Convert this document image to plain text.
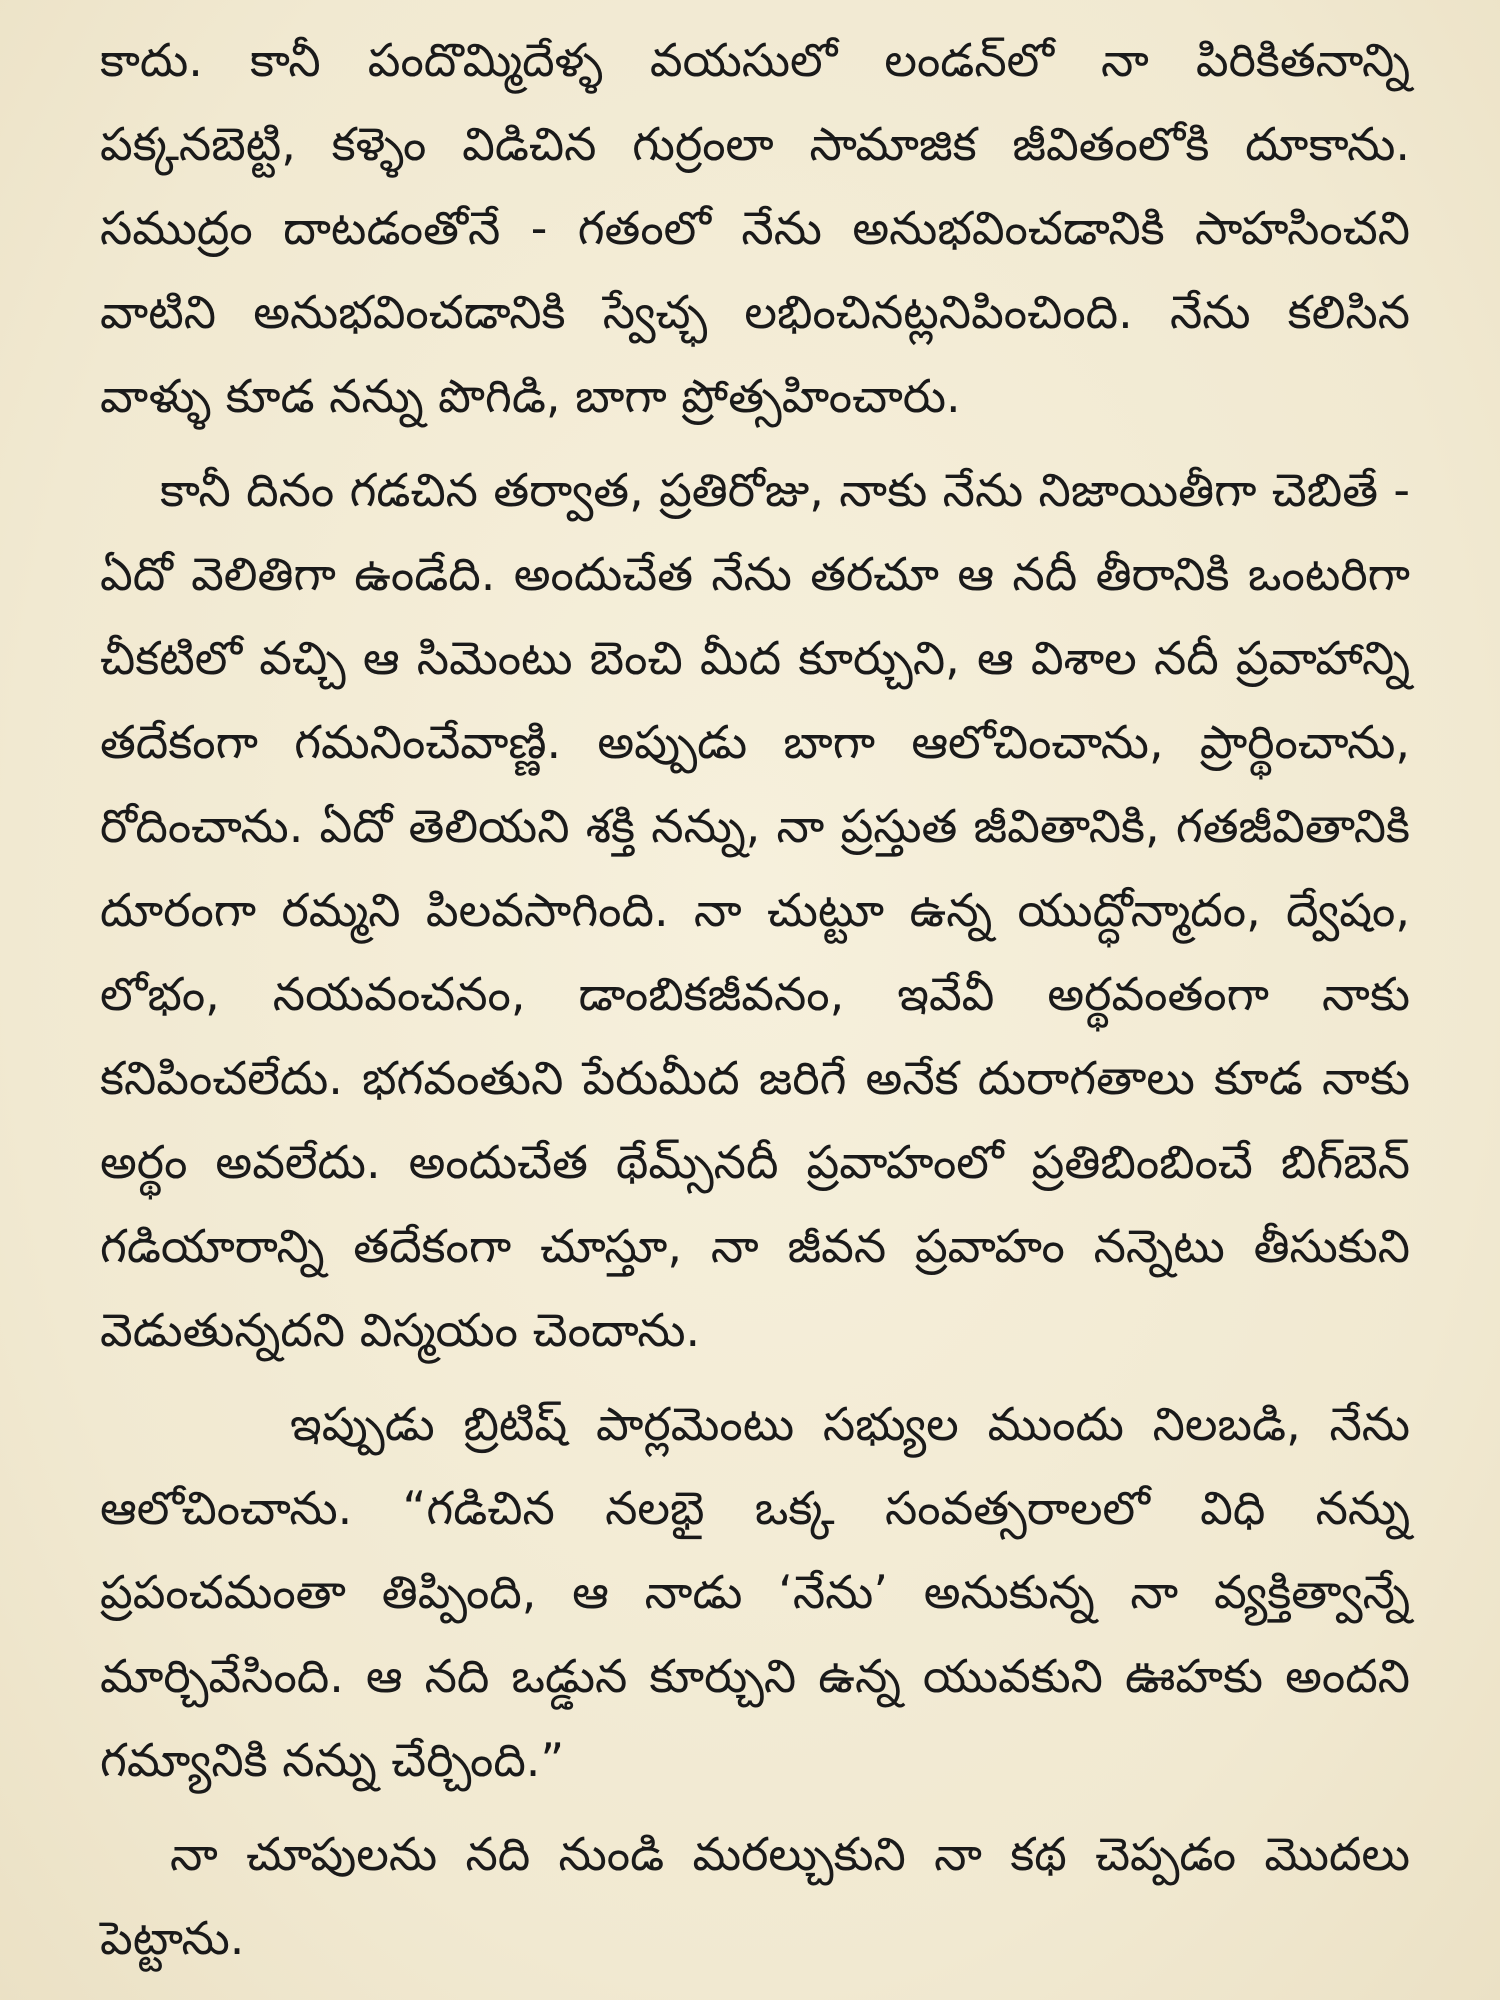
కాదు. కానీ పందొమ్మిదేళ్ళ వయసులో లండన్‌లో నా పిరికితనాన్ని పక్కనబెట్టి, కళ్ళెం విడిచిన గుర్రంలా సామాజిక జీవితంలోకి దూకాను. సముద్రం దాటడంతోనే - గతంలో నేను అనుభవించడానికి సాహసించని వాటిని అనుభవించడానికి స్వేచ్ఛ లభించినట్లనిపించింది. నేను కలిసిన వాళ్ళు కూడ నన్ను పొగిడి, బాగా ప్రోత్సహించారు.

కానీ దినం గడచిన తర్వాత, ప్రతిరోజు, నాకు నేను నిజాయితీగా చెబితే - ఏదో వెలితిగా ఉండేది. అందుచేత నేను తరచూ ఆ నదీ తీరానికి ఒంటరిగా చీకటిలో వచ్చి ఆ సిమెంటు బెంచి మీద కూర్చుని, ఆ విశాల నదీ ప్రవాహాన్ని తదేకంగా గమనించేవాణ్ణి. అప్పుడు బాగా ఆలోచించాను, ప్రార్థించాను, రోదించాను. ఏదో తెలియని శక్తి నన్ను, నా ప్రస్తుత జీవితానికి, గతజీవితానికి దూరంగా రమ్మని పిలవసాగింది. నా చుట్టూ ఉన్న యుద్ధోన్మాదం, ద్వేషం, లోభం, నయవంచనం, డాంబికజీవనం, ఇవేవీ అర్థవంతంగా నాకు కనిపించలేదు. భగవంతుని పేరుమీద జరిగే అనేక దురాగతాలు కూడ నాకు అర్థం అవలేదు. అందుచేత థేమ్స్‌నదీ ప్రవాహంలో ప్రతిబింబించే బిగ్‌బెన్ గడియారాన్ని తదేకంగా చూస్తూ, నా జీవన ప్రవాహం నన్నెటు తీసుకుని వెడుతున్నదని విస్మయం చెందాను.

ఇప్పుడు బ్రిటిష్ పార్లమెంటు సభ్యుల ముందు నిలబడి, నేను ఆలోచించాను. “గడిచిన నలభై ఒక్క సంవత్సరాలలో విధి నన్ను ప్రపంచమంతా తిప్పింది, ఆ నాడు ‘నేను’ అనుకున్న నా వ్యక్తిత్వాన్నే మార్చివేసింది. ఆ నది ఒడ్డున కూర్చుని ఉన్న యువకుని ఊహకు అందని గమ్యానికి నన్ను చేర్చింది.”

నా చూపులను నది నుండి మరల్చుకుని నా కథ చెప్పడం మొదలు పెట్టాను.
